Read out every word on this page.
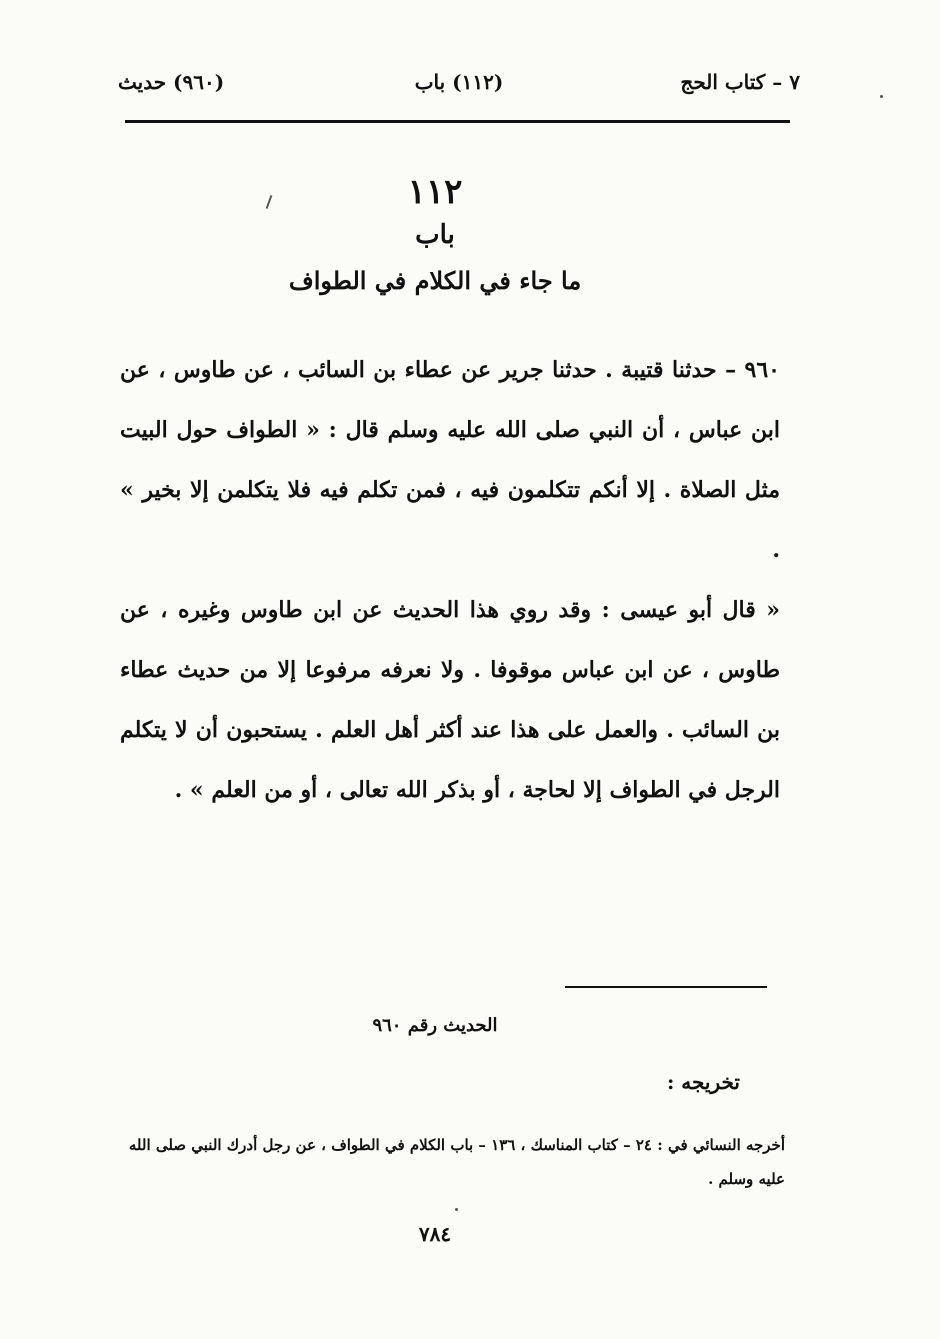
٧ – كتاب الحج
(١١٢) باب
(٩٦٠) حديث
١١٢
باب
ما جاء في الكلام في الطواف
٩٦٠ – حدثنا قتيبة . حدثنا جرير عن عطاء بن السائب ، عن طاوس ، عن ابن عباس ، أن النبي صلى الله عليه وسلم قال : « الطواف حول البيت مثل الصلاة . إلا أنكم تتكلمون فيه ، فمن تكلم فيه فلا يتكلمن إلا بخير » .
« قال أبو عيسى : وقد روي هذا الحديث عن ابن طاوس وغيره ، عن طاوس ، عن ابن عباس موقوفا . ولا نعرفه مرفوعا إلا من حديث عطاء بن السائب . والعمل على هذا عند أكثر أهل العلم . يستحبون أن لا يتكلم الرجل في الطواف إلا لحاجة ، أو بذكر الله تعالى ، أو من العلم » .
الحديث رقم ٩٦٠
تخريجه :
أخرجه النسائي في : ٢٤ – كتاب المناسك ، ١٣٦ – باب الكلام في الطواف ، عن رجل أدرك النبي صلى الله عليه وسلم .
٧٨٤
